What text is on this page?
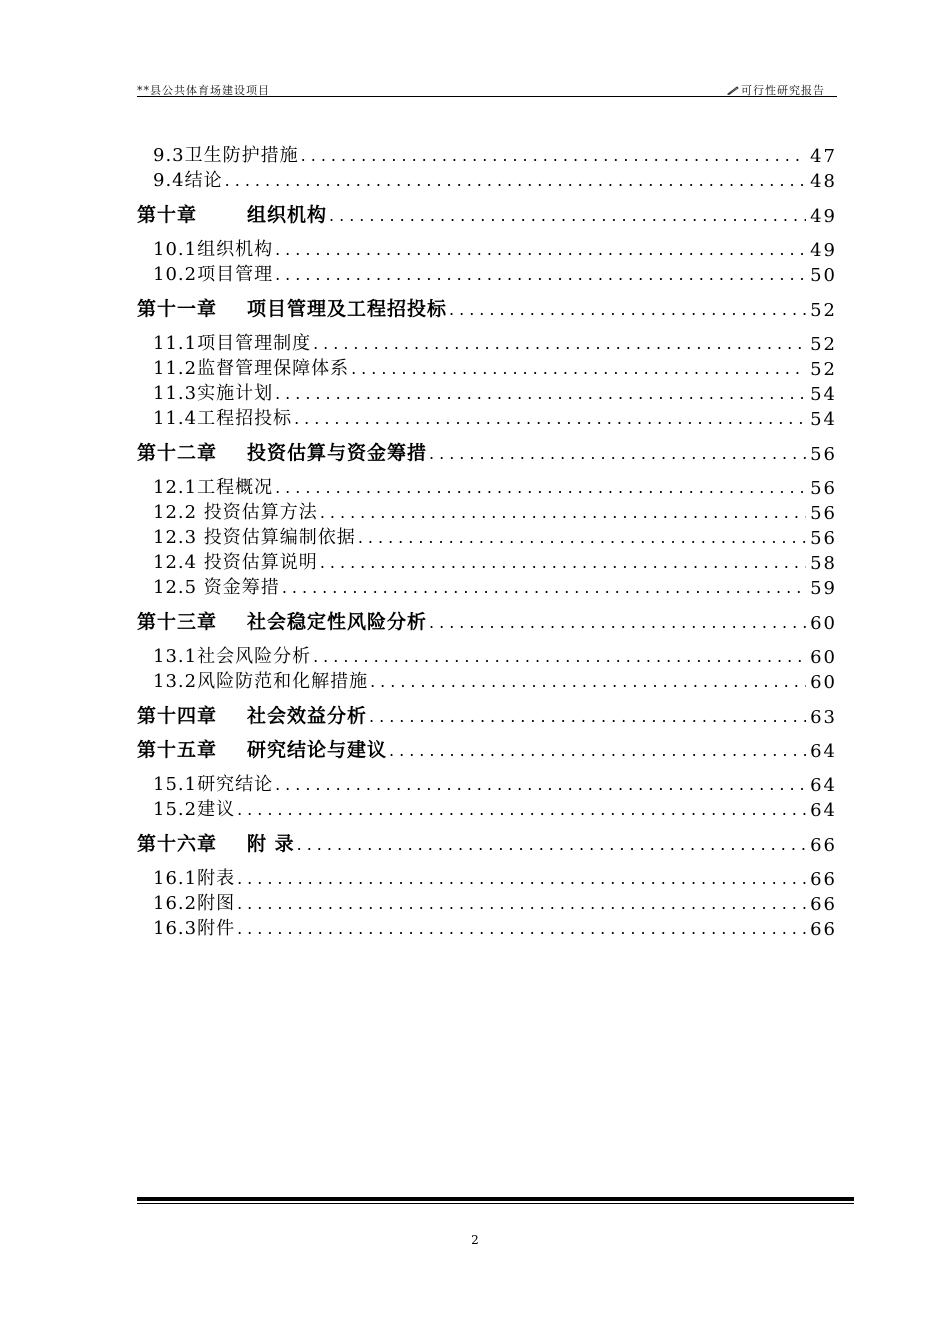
**县公共体育场建设项目	可行性研究报告
9.3卫生防护措施 .....	47
9.4结论 .....	48
第十章	组织机构 .....	49
10.1组织机构 .....	49
10.2项目管理 .....	50
第十一章	项目管理及工程招投标 .....	52
11.1项目管理制度 .....	52
11.2监督管理保障体系 .....	52
11.3实施计划 .....	54
11.4工程招投标 .....	54
第十二章	投资估算与资金筹措 .....	56
12.1工程概况 .....	56
12.2 投资估算方法 .....	56
12.3 投资估算编制依据 .....	56
12.4 投资估算说明 .....	58
12.5 资金筹措 .....	59
第十三章	社会稳定性风险分析 .....	60
13.1社会风险分析 .....	60
13.2风险防范和化解措施 .....	60
第十四章	社会效益分析 .....	63
第十五章	研究结论与建议 .....	64
15.1研究结论 .....	64
15.2建议 .....	64
第十六章	附 录 .....	66
16.1附表 .....	66
16.2附图 .....	66
16.3附件 .....	66
2
